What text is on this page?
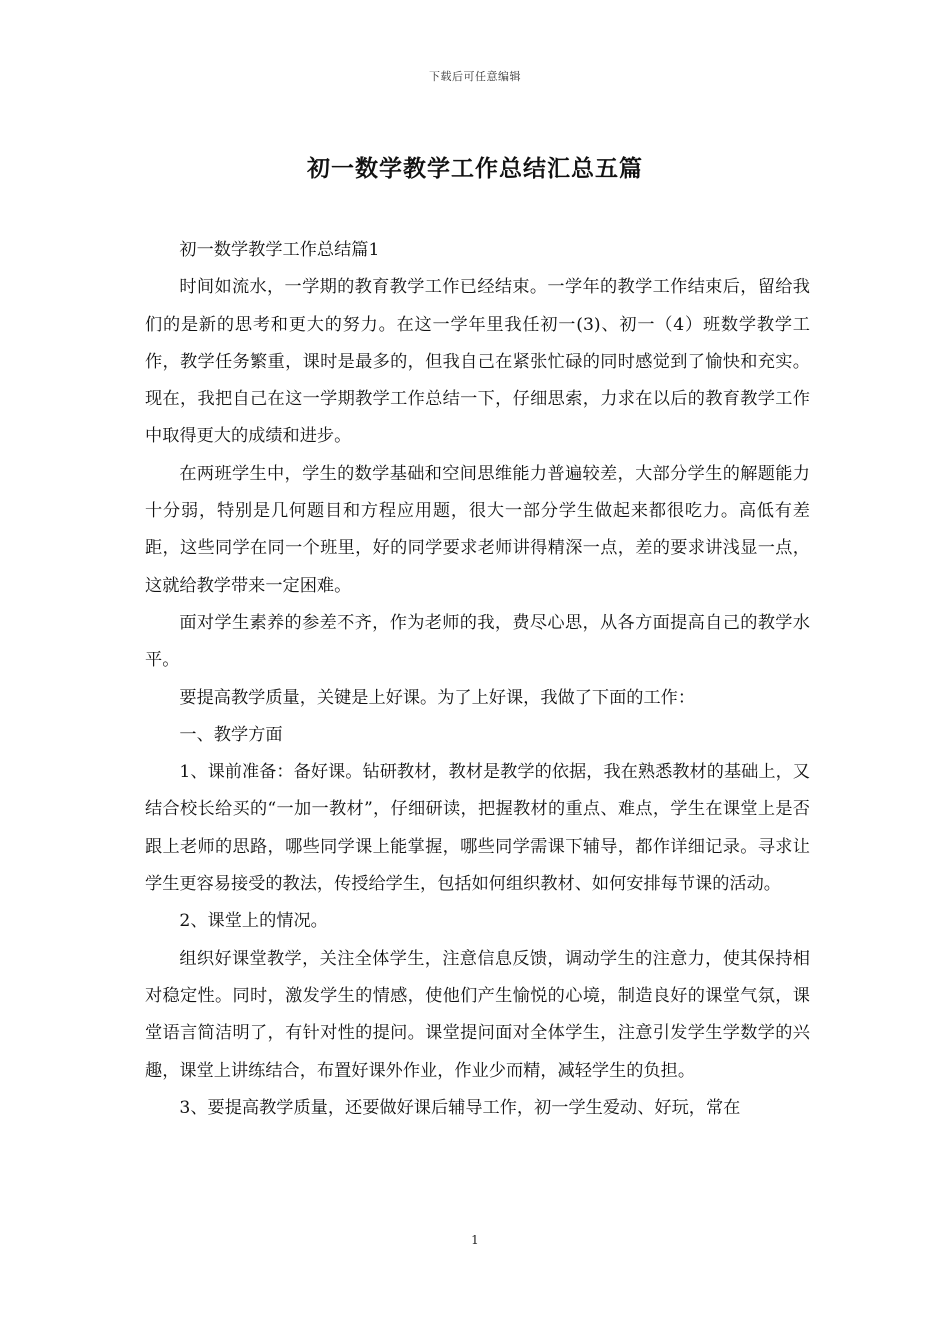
下载后可任意编辑
初一数学教学工作总结汇总五篇

初一数学教学工作总结篇1

时间如流水，一学期的教育教学工作已经结束。一学年的教学工作结束后，留给我们的是新的思考和更大的努力。在这一学年里我任初一(3)、初一（4）班数学教学工作，教学任务繁重，课时是最多的，但我自己在紧张忙碌的同时感觉到了愉快和充实。现在，我把自己在这一学期教学工作总结一下，仔细思索，力求在以后的教育教学工作中取得更大的成绩和进步。

在两班学生中，学生的数学基础和空间思维能力普遍较差，大部分学生的解题能力十分弱，特别是几何题目和方程应用题，很大一部分学生做起来都很吃力。高低有差距，这些同学在同一个班里，好的同学要求老师讲得精深一点，差的要求讲浅显一点，这就给教学带来一定困难。

面对学生素养的参差不齐，作为老师的我，费尽心思，从各方面提高自己的教学水平。

要提高教学质量，关键是上好课。为了上好课，我做了下面的工作：

一、教学方面

1、课前准备：备好课。钻研教材，教材是教学的依据，我在熟悉教材的基础上，又结合校长给买的“一加一教材”，仔细研读，把握教材的重点、难点，学生在课堂上是否跟上老师的思路，哪些同学课上能掌握，哪些同学需课下辅导，都作详细记录。寻求让学生更容易接受的教法，传授给学生，包括如何组织教材、如何安排每节课的活动。

2、课堂上的情况。

组织好课堂教学，关注全体学生，注意信息反馈，调动学生的注意力，使其保持相对稳定性。同时，激发学生的情感，使他们产生愉悦的心境，制造良好的课堂气氛，课堂语言简洁明了，有针对性的提问。课堂提问面对全体学生，注意引发学生学数学的兴趣，课堂上讲练结合，布置好课外作业，作业少而精，减轻学生的负担。

3、要提高教学质量，还要做好课后辅导工作，初一学生爱动、好玩，常在

1
